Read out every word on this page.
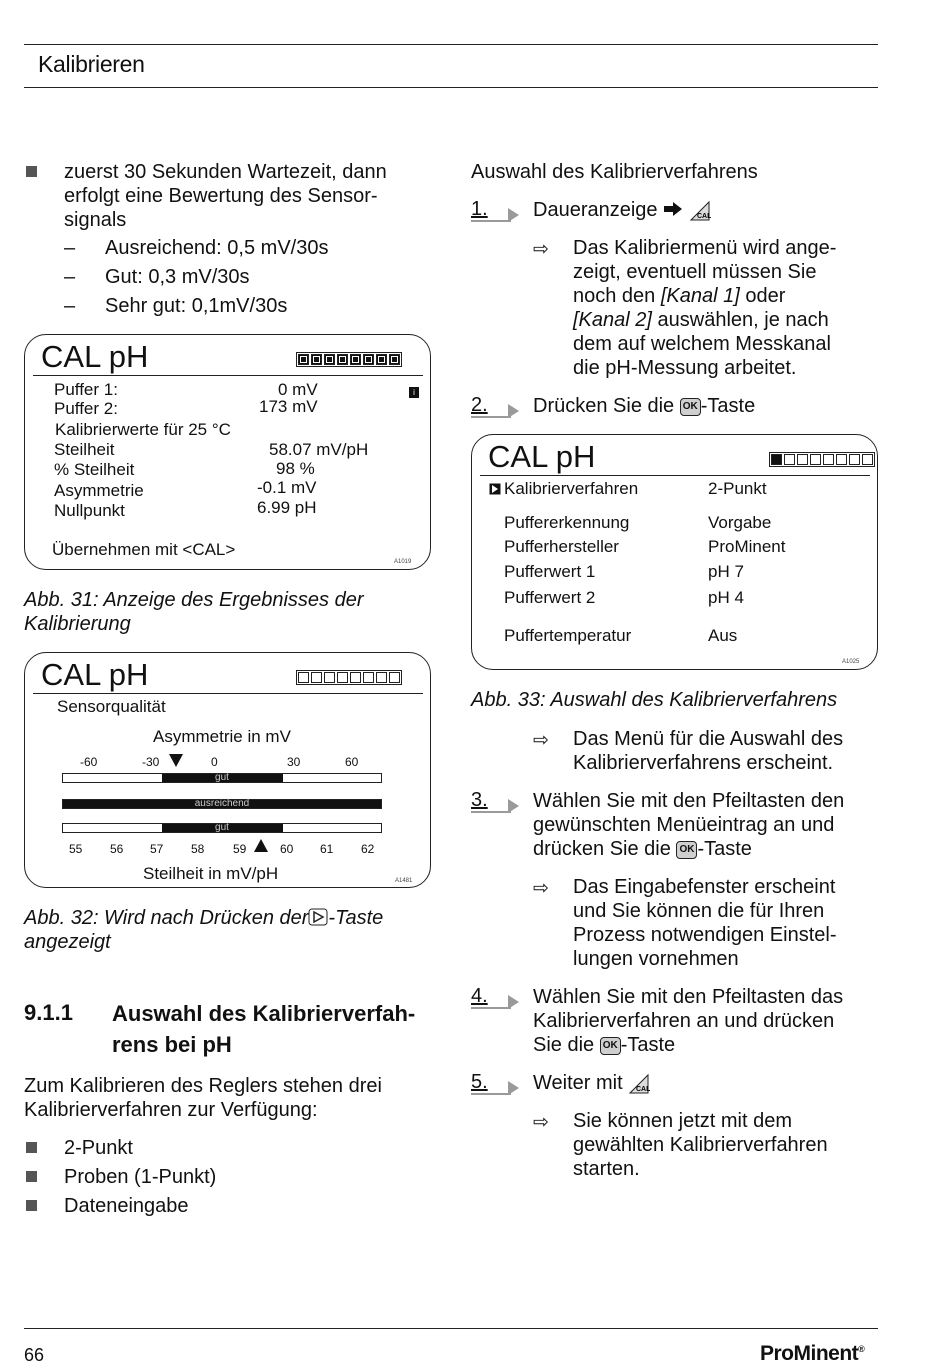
Kalibrieren
zuerst 30 Sekunden Wartezeit, dann
erfolgt eine Bewertung des Sensor-
signals
–
–
–
Ausreichend: 0,5 mV/30s
Gut: 0,3 mV/30s
Sehr gut: 0,1mV/30s
CAL pH
i
Puffer 1:	0 mV
Puffer 2:	173 mV
Kalibrierwerte für 25 °C
Steilheit	58.07 mV/pH
% Steilheit	98 %
Asymmetrie	-0.1 mV
Nullpunkt	6.99 pH
Übernehmen mit <CAL>
A1019
Abb. 31: Anzeige des Ergebnisses der
Kalibrierung
CAL pH
Sensorqualität
Asymmetrie in mV
-60	-30	0	30	60
gut
ausreichend
gut
55 56 57 58 59	60 61 62
Steilheit in mV/pH	A1481
Abb. 32: Wird nach Drücken der -Taste
angezeigt
9.1.1 Auswahl des Kalibrierverfah-
rens bei pH
Zum Kalibrieren des Reglers stehen drei
Kalibrierverfahren zur Verfügung:
2-Punkt
Proben (1-Punkt)
Dateneingabe
Auswahl des Kalibrierverfahrens
1. Daueranzeige	CAL
⇨ Das Kalibriermenü wird ange-
zeigt, eventuell müssen Sie
noch den [Kanal 1] oder
[Kanal 2] auswählen, je nach
dem auf welchem Messkanal
die pH-Messung arbeitet.
2. Drücken Sie die OK -Taste
CAL pH
Kalibrierverfahren	2-Punkt
Puffererkennung	Vorgabe
Pufferhersteller	ProMinent
Pufferwert 1	pH 7
Pufferwert 2	pH 4
Puffertemperatur	Aus
A1025
Abb. 33: Auswahl des Kalibrierverfahrens
⇨ Das Menü für die Auswahl des
Kalibrierverfahrens erscheint.
3. Wählen Sie mit den Pfeiltasten den
gewünschten Menüeintrag an und
drücken Sie die OK -Taste
⇨ Das Eingabefenster erscheint
und Sie können die für Ihren
Prozess notwendigen Einstel-
lungen vornehmen
4. Wählen Sie mit den Pfeiltasten das
Kalibrierverfahren an und drücken
Sie die OK -Taste
5. Weiter mit CAL
⇨ Sie können jetzt mit dem
gewählten Kalibrierverfahren
starten.
66	ProMinent®
